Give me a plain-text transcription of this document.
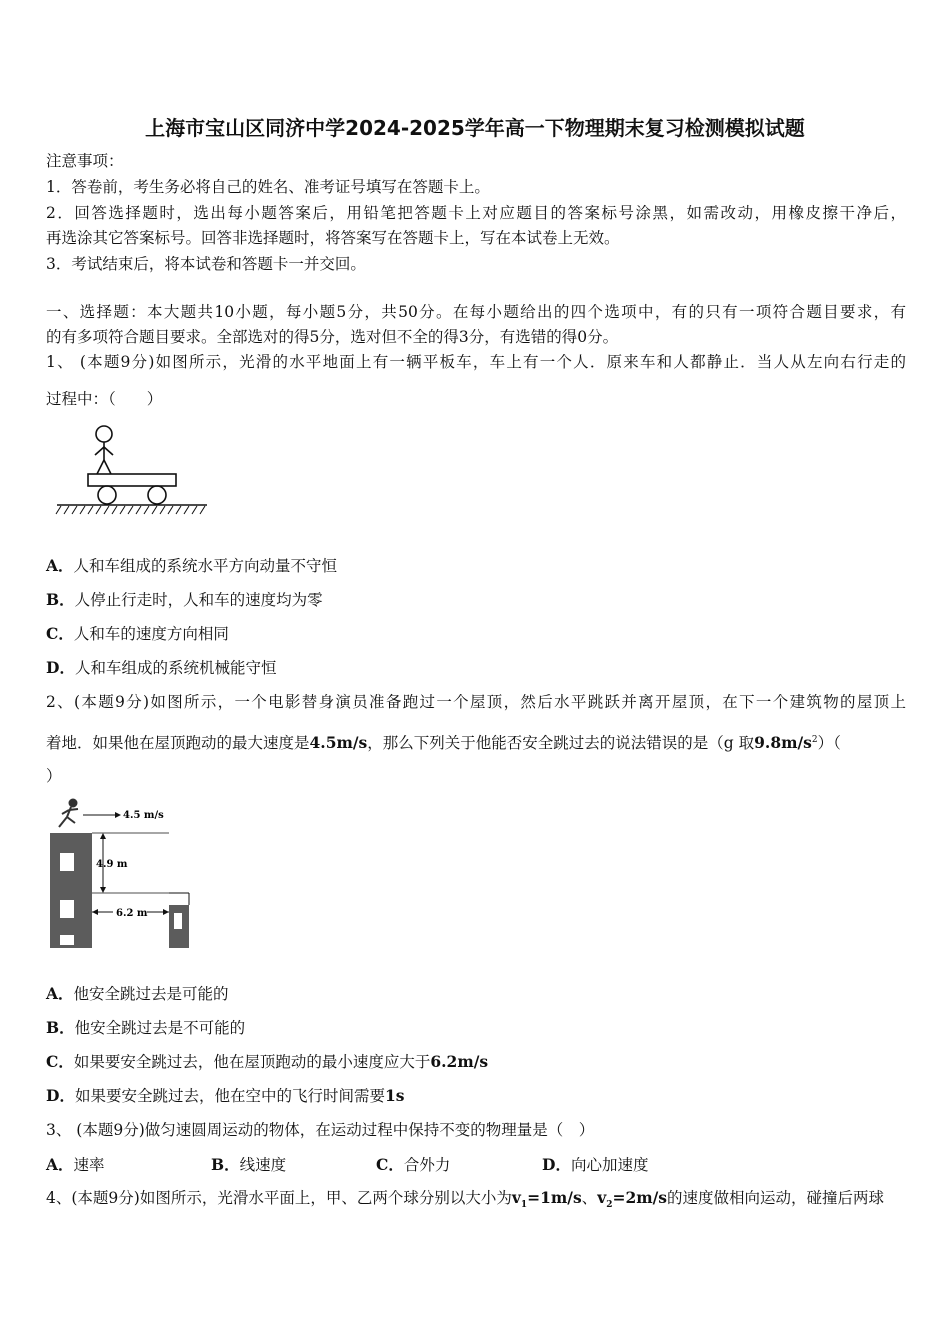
上海市宝山区同济中学2024-2025学年高一下物理期末复习检测模拟试题
注意事项：
1．答卷前，考生务必将自己的姓名、准考证号填写在答题卡上。
2．回答选择题时，选出每小题答案后，用铅笔把答题卡上对应题目的答案标号涂黑，如需改动，用橡皮擦干净后，
再选涂其它答案标号。回答非选择题时，将答案写在答题卡上，写在本试卷上无效。
3．考试结束后，将本试卷和答题卡一并交回。
一、选择题：本大题共10小题，每小题5分，共50分。在每小题给出的四个选项中，有的只有一项符合题目要求，有
的有多项符合题目要求。全部选对的得5分，选对但不全的得3分，有选错的得0分。
1、 (本题9分)如图所示，光滑的水平地面上有一辆平板车，车上有一个人．原来车和人都静止．当人从左向右行走的
过程中：（　　）
A．人和车组成的系统水平方向动量不守恒
B．人停止行走时，人和车的速度均为零
C．人和车的速度方向相同
D．人和车组成的系统机械能守恒
2、(本题9分)如图所示，一个电影替身演员准备跑过一个屋顶，然后水平跳跃并离开屋顶，在下一个建筑物的屋顶上
着地．如果他在屋顶跑动的最大速度是4.5m/s，那么下列关于他能否安全跳过去的说法错误的是（g 取$9.8m/s^2$）（
）
4.5 m/s
4.9 m
6.2 m
A．他安全跳过去是可能的
B．他安全跳过去是不可能的
C．如果要安全跳过去，他在屋顶跑动的最小速度应大于6.2m/s
D．如果要安全跳过去，他在空中的飞行时间需要1s
3、 (本题9分)做匀速圆周运动的物体，在运动过程中保持不变的物理量是（　）
A．速率	B．线速度	C．合外力	D．向心加速度
4、(本题9分)如图所示，光滑水平面上，甲、乙两个球分别以大小为$v_1=1m/s$、$v_2=2m/s$的速度做相向运动，碰撞后两球
